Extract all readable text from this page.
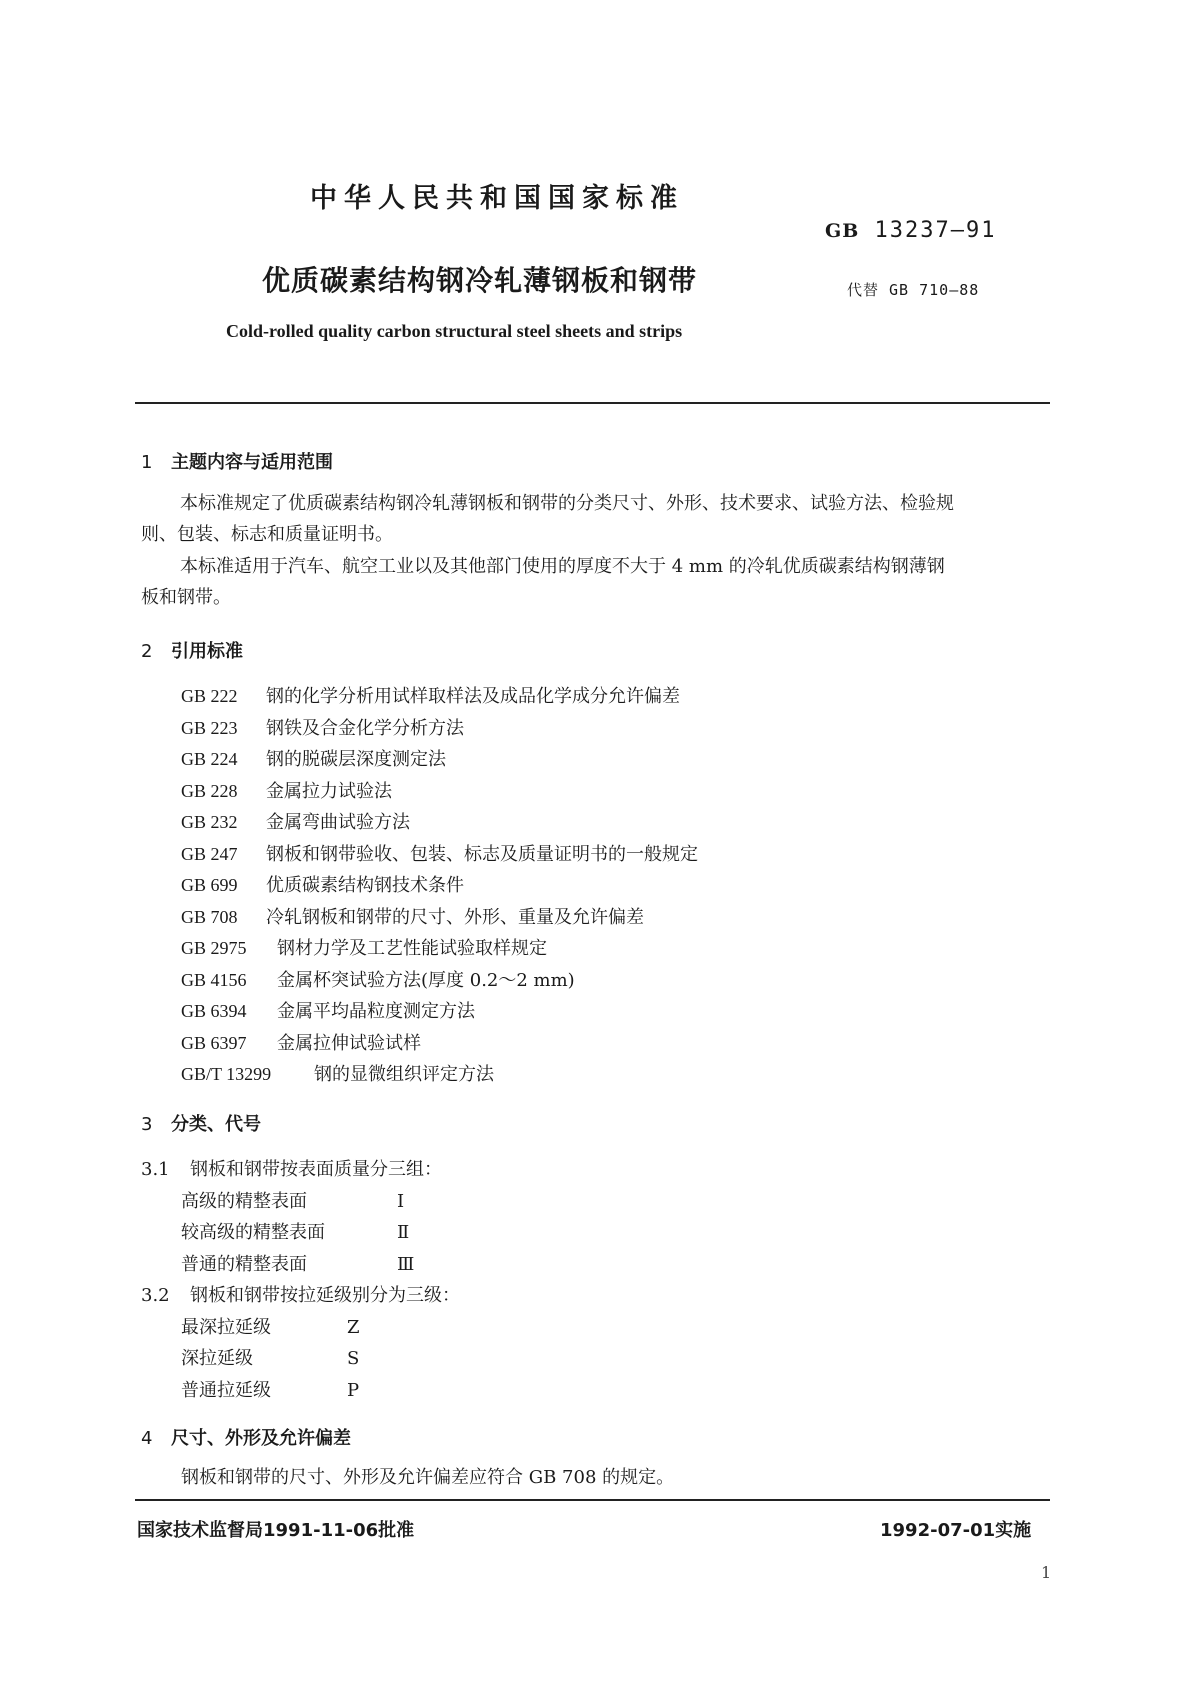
中华人民共和国国家标准
GB 13237—91
优质碳素结构钢冷轧薄钢板和钢带	代替 GB 710—88
Cold-rolled quality carbon structural steel sheets and strips
1 主题内容与适用范围
本标准规定了优质碳素结构钢冷轧薄钢板和钢带的分类尺寸、外形、技术要求、试验方法、检验规
则、包装、标志和质量证明书。
本标准适用于汽车、航空工业以及其他部门使用的厚度不大于 4 mm 的冷轧优质碳素结构钢薄钢
板和钢带。
2 引用标准
GB 222 钢的化学分析用试样取样法及成品化学成分允许偏差
GB 223 钢铁及合金化学分析方法
GB 224 钢的脱碳层深度测定法
GB 228 金属拉力试验法
GB 232 金属弯曲试验方法
GB 247 钢板和钢带验收、包装、标志及质量证明书的一般规定
GB 699 优质碳素结构钢技术条件
GB 708 冷轧钢板和钢带的尺寸、外形、重量及允许偏差
GB 2975 钢材力学及工艺性能试验取样规定
GB 4156 金属杯突试验方法(厚度 0.2～2 mm)
GB 6394 金属平均晶粒度测定方法
GB 6397 金属拉伸试验试样
GB/T 13299 钢的显微组织评定方法
3 分类、代号
3.1 钢板和钢带按表面质量分三组：
高级的精整表面	Ⅰ
较高级的精整表面	Ⅱ
普通的精整表面	Ⅲ
3.2 钢板和钢带按拉延级别分为三级：
最深拉延级	Z
深拉延级	S
普通拉延级	P
4 尺寸、外形及允许偏差
钢板和钢带的尺寸、外形及允许偏差应符合 GB 708 的规定。
国家技术监督局1991-11-06批准	1992-07-01实施
1
